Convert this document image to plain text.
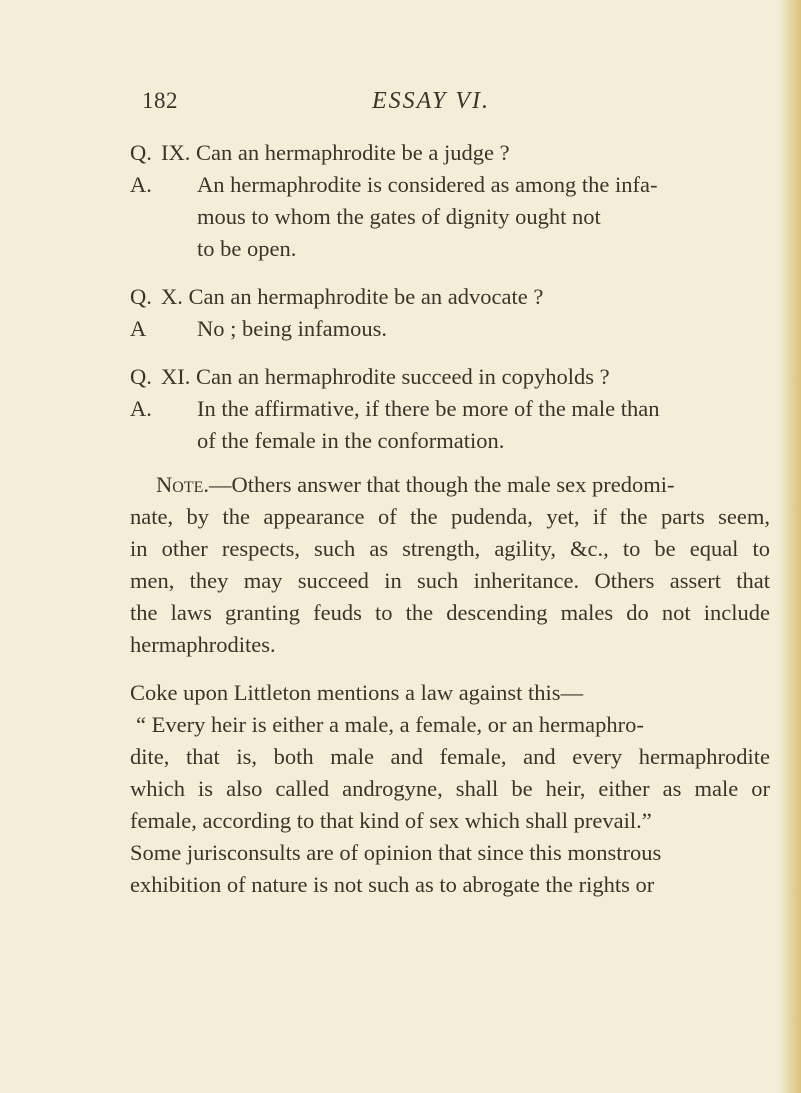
182	ESSAY VI.
Q. IX. Can an hermaphrodite be a judge ?
A. An hermaphrodite is considered as among the infa-
mous to whom the gates of dignity ought not
to be open.
Q. X. Can an hermaphrodite be an advocate ?
A No ; being infamous.
Q. XI. Can an hermaphrodite succeed in copyholds ?
A. In the affirmative, if there be more of the male than
of the female in the conformation.
Note.—Others answer that though the male sex predomi-
nate, by the appearance of the pudenda, yet, if the parts seem,
in other respects, such as strength, agility, &c., to be equal to
men, they may succeed in such inheritance. Others assert that
the laws granting feuds to the descending males do not include
hermaphrodites.
Coke upon Littleton mentions a law against this—
“ Every heir is either a male, a female, or an hermaphro-
dite, that is, both male and female, and every hermaphrodite
which is also called androgyne, shall be heir, either as male or
female, according to that kind of sex which shall prevail.”
Some jurisconsults are of opinion that since this monstrous
exhibition of nature is not such as to abrogate the rights or
